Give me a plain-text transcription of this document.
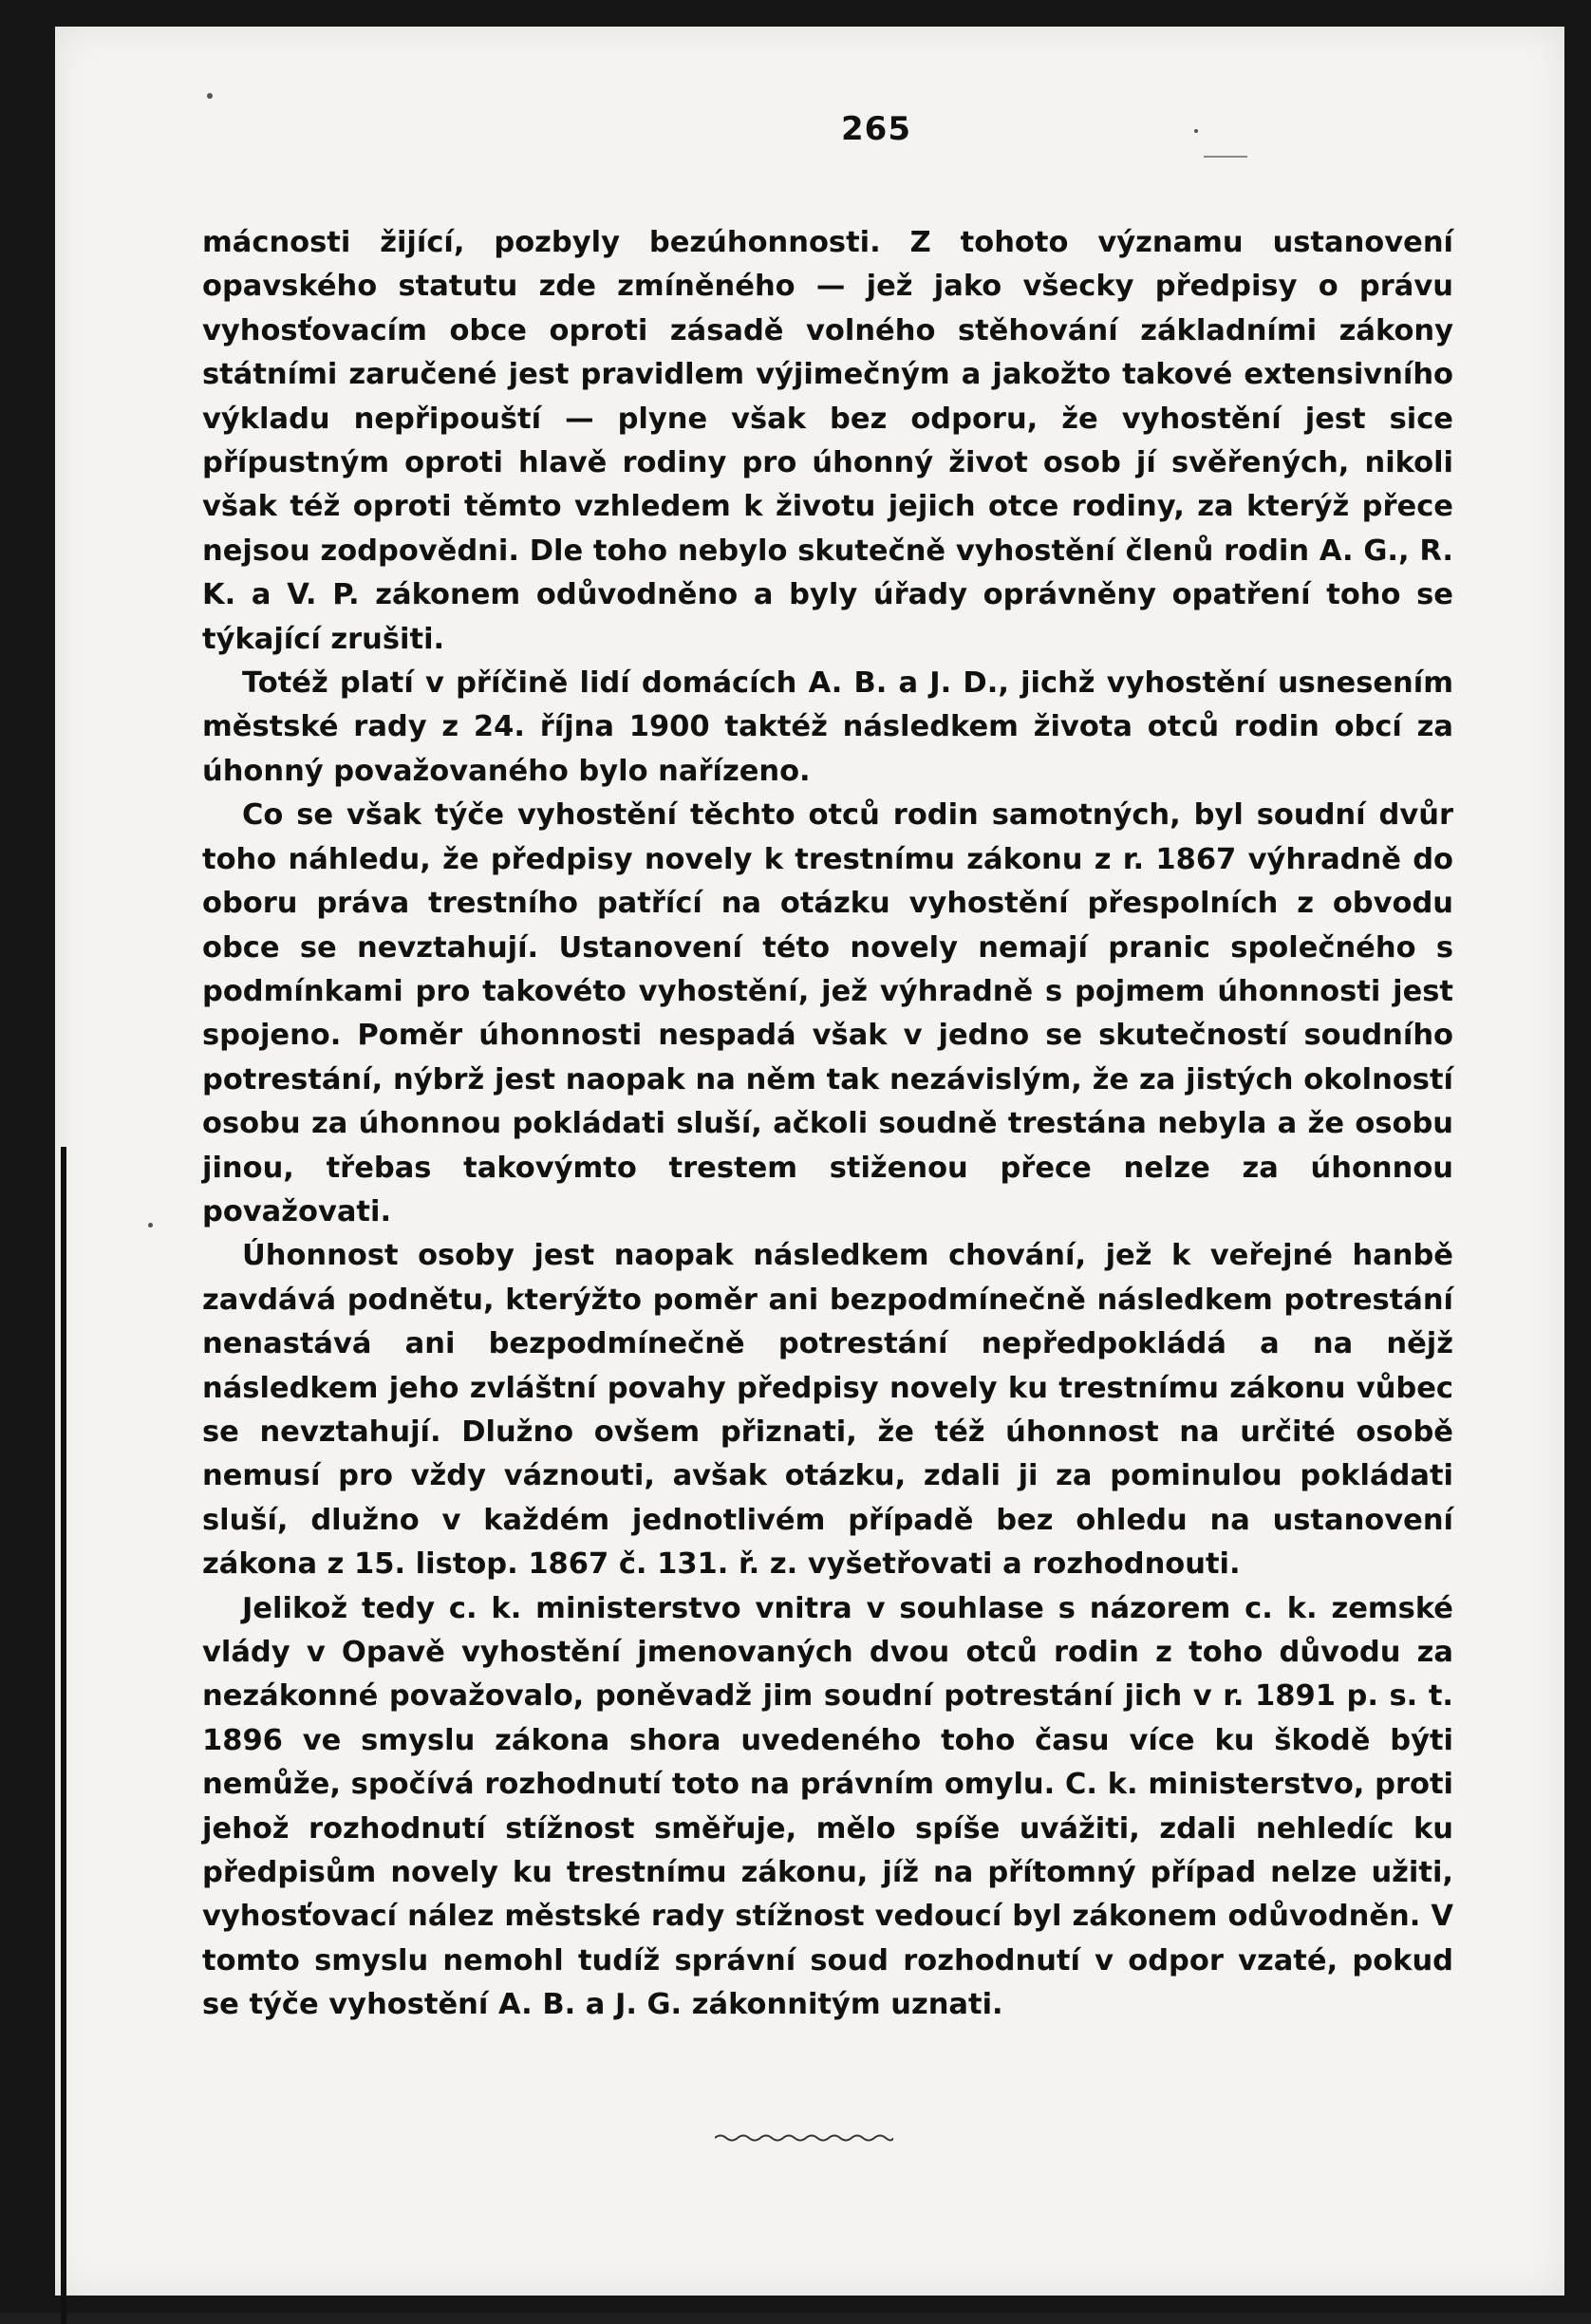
265

mácnosti žijící, pozbyly bezúhonnosti. Z tohoto významu ustanovení opavského statutu zde zmíněného — jež jako všecky předpisy o právu vyhosťovacím obce oproti zásadě volného stěhování základními zákony státními zaručené jest pravidlem výjimečným a jakožto takové extensivního výkladu nepřipouští — plyne však bez odporu, že vyhostění jest sice přípustným oproti hlavě rodiny pro úhonný život osob jí svěřených, nikoli však též oproti těmto vzhledem k životu jejich otce rodiny, za kterýž přece nejsou zodpovědni. Dle toho nebylo skutečně vyhostění členů rodin A. G., R. K. a V. P. zákonem odůvodněno a byly úřady oprávněny opatření toho se týkající zrušiti.

Totéž platí v příčině lidí domácích A. B. a J. D., jichž vyhostění usnesením městské rady z 24. října 1900 taktéž následkem života otců rodin obcí za úhonný považovaného bylo nařízeno.

Co se však týče vyhostění těchto otců rodin samotných, byl soudní dvůr toho náhledu, že předpisy novely k trestnímu zákonu z r. 1867 výhradně do oboru práva trestního patřící na otázku vyhostění přespolních z obvodu obce se nevztahují. Ustanovení této novely nemají pranic společného s podmínkami pro takovéto vyhostění, jež výhradně s pojmem úhonnosti jest spojeno. Poměr úhonnosti nespadá však v jedno se skutečností soudního potrestání, nýbrž jest naopak na něm tak nezávislým, že za jistých okolností osobu za úhonnou pokládati sluší, ačkoli soudně trestána nebyla a že osobu jinou, třebas takovýmto trestem stiženou přece nelze za úhonnou považovati.

Úhonnost osoby jest naopak následkem chování, jež k veřejné hanbě zavdává podnětu, kterýžto poměr ani bezpodmínečně následkem potrestání nenastává ani bezpodmínečně potrestání nepředpokládá a na nějž následkem jeho zvláštní povahy předpisy novely ku trestnímu zákonu vůbec se nevztahují. Dlužno ovšem přiznati, že též úhonnost na určité osobě nemusí pro vždy váznouti, avšak otázku, zdali ji za pominulou pokládati sluší, dlužno v každém jednotlivém případě bez ohledu na ustanovení zákona z 15. listop. 1867 č. 131. ř. z. vyšetřovati a rozhodnouti.

Jelikož tedy c. k. ministerstvo vnitra v souhlase s názorem c. k. zemské vlády v Opavě vyhostění jmenovaných dvou otců rodin z toho důvodu za nezákonné považovalo, poněvadž jim soudní potrestání jich v r. 1891 p. s. t. 1896 ve smyslu zákona shora uvedeného toho času více ku škodě býti nemůže, spočívá rozhodnutí toto na právním omylu. C. k. ministerstvo, proti jehož rozhodnutí stížnost směřuje, mělo spíše uvážiti, zdali nehledíc ku předpisům novely ku trestnímu zákonu, jíž na přítomný případ nelze užiti, vyhosťovací nález městské rady stížnost vedoucí byl zákonem odůvodněn. V tomto smyslu nemohl tudíž správní soud rozhodnutí v odpor vzaté, pokud se týče vyhostění A. B. a J. G. zákonnitým uznati.
